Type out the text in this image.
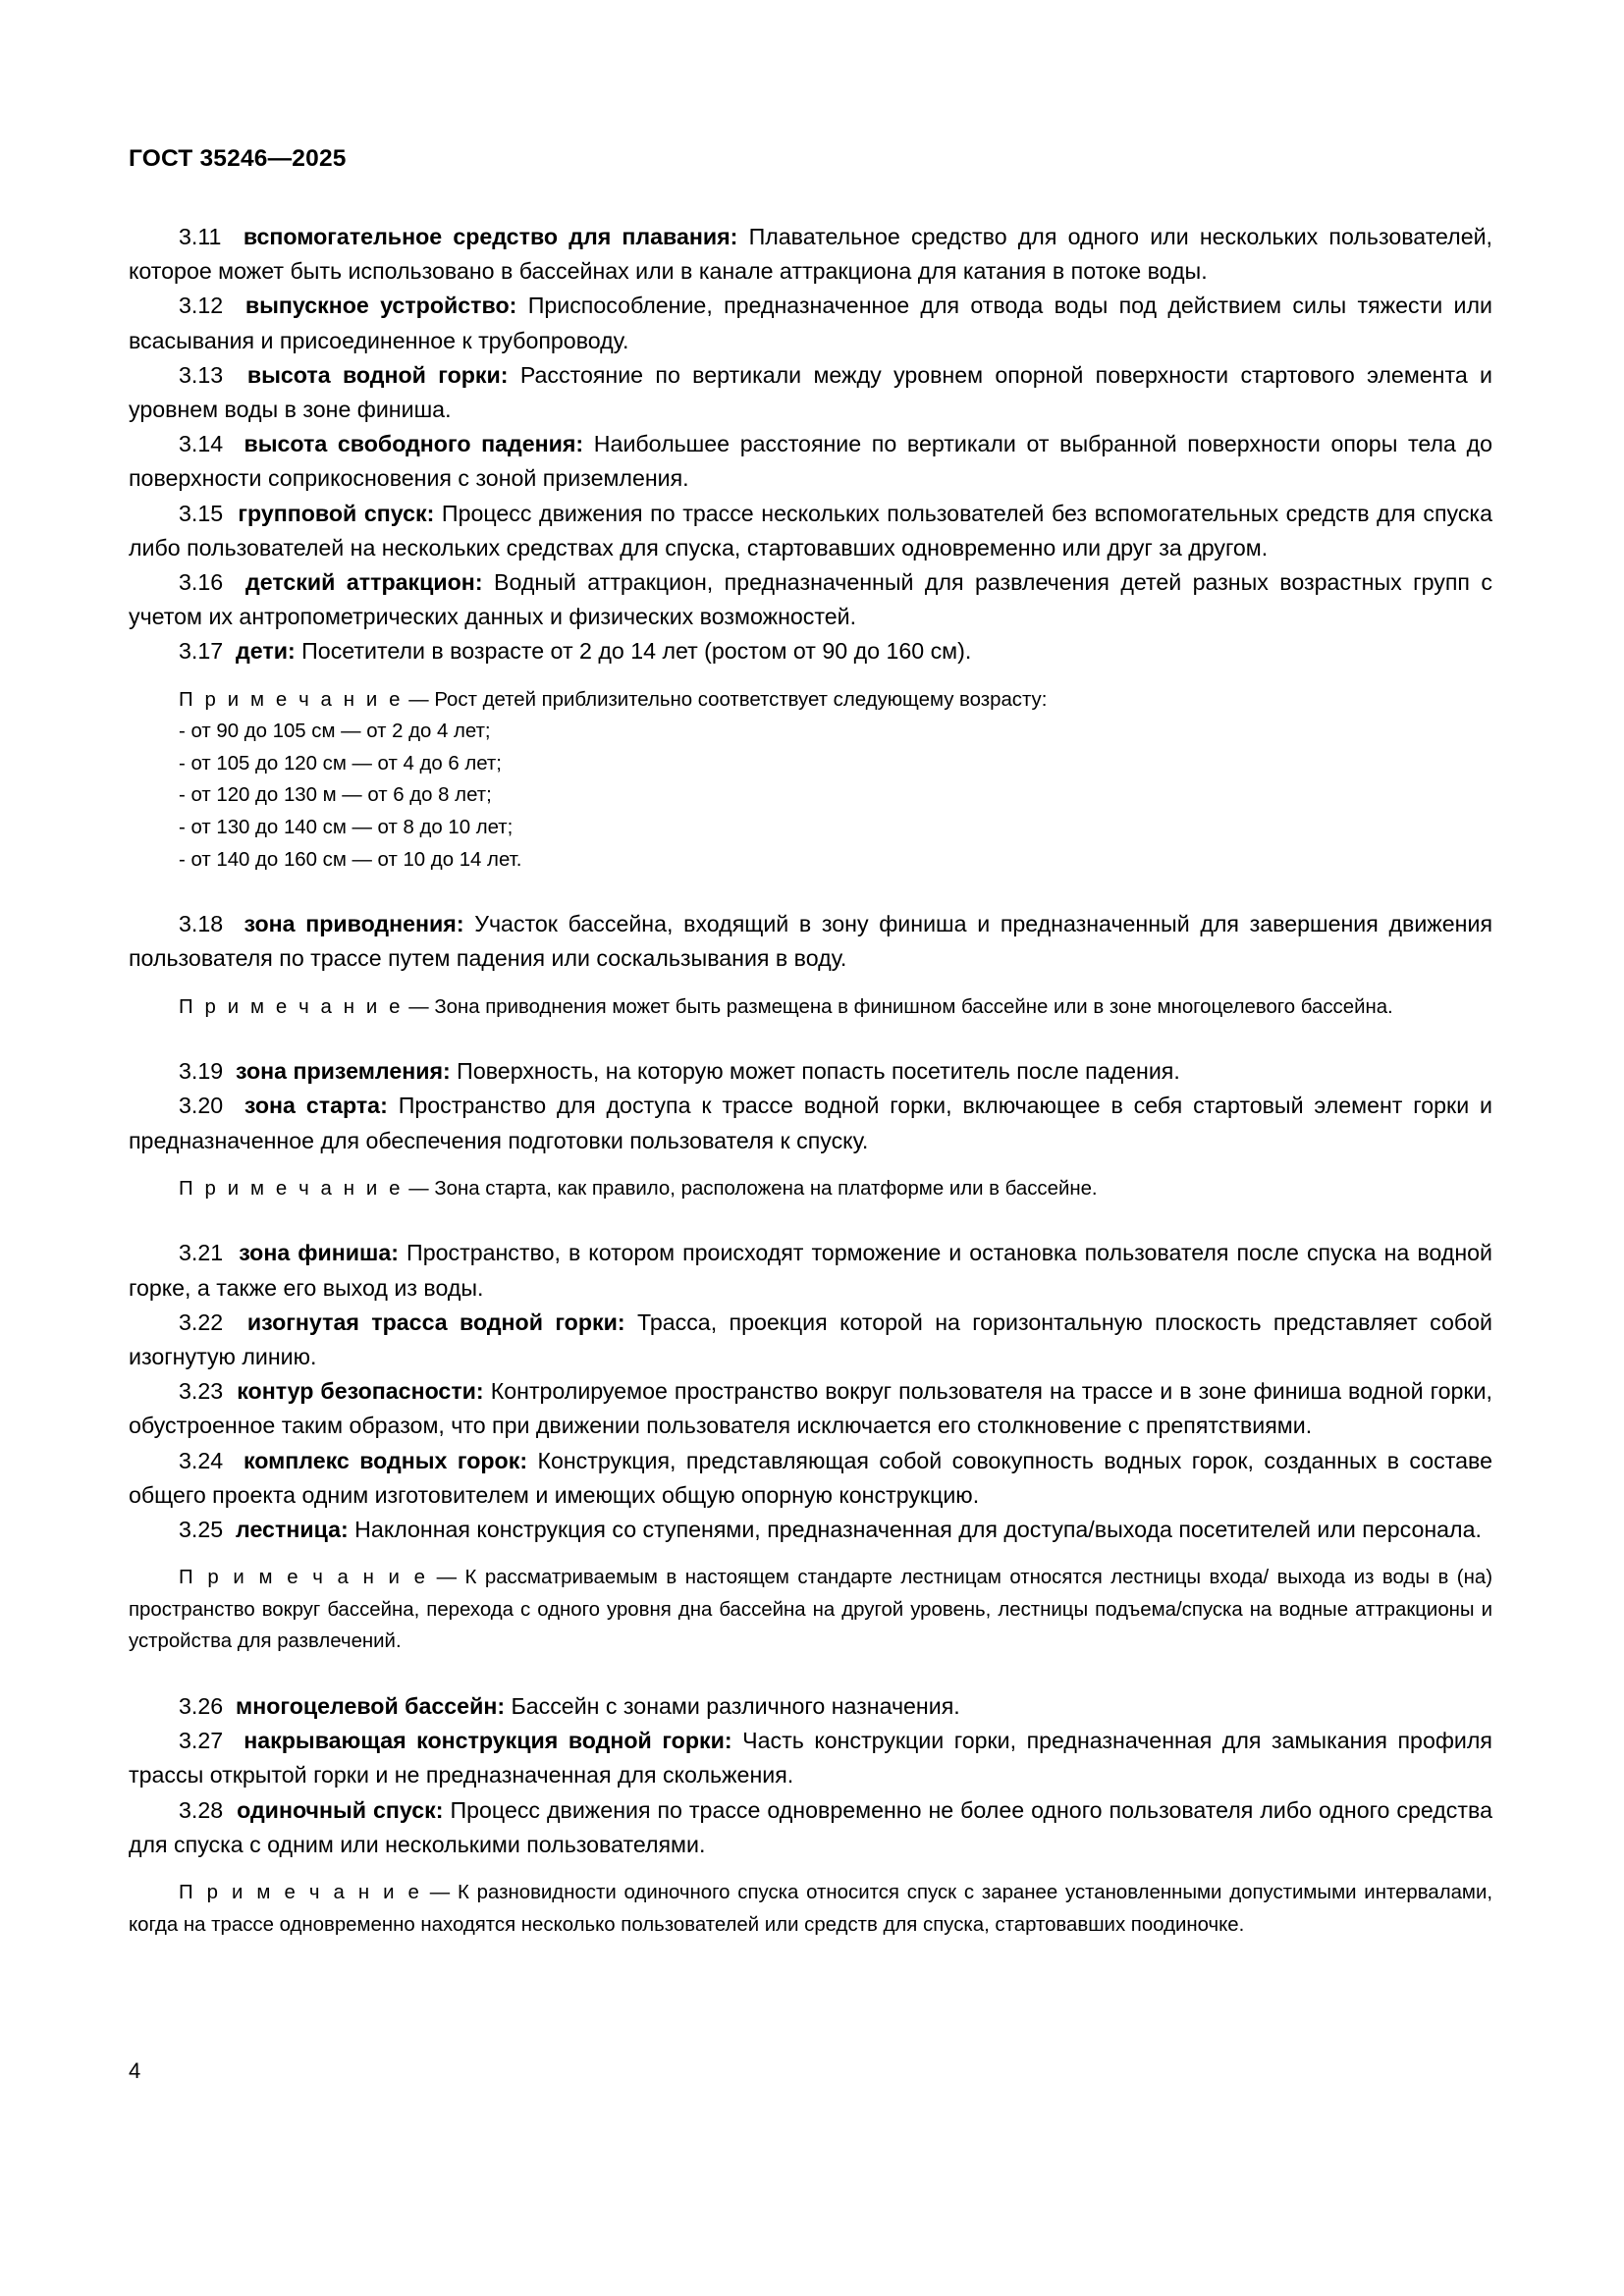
ГОСТ 35246—2025

3.11 вспомогательное средство для плавания: Плавательное средство для одного или нескольких пользователей, которое может быть использовано в бассейнах или в канале аттракциона для катания в потоке воды.

3.12 выпускное устройство: Приспособление, предназначенное для отвода воды под действием силы тяжести или всасывания и присоединенное к трубопроводу.

3.13 высота водной горки: Расстояние по вертикали между уровнем опорной поверхности стартового элемента и уровнем воды в зоне финиша.

3.14 высота свободного падения: Наибольшее расстояние по вертикали от выбранной поверхности опоры тела до поверхности соприкосновения с зоной приземления.

3.15 групповой спуск: Процесс движения по трассе нескольких пользователей без вспомогательных средств для спуска либо пользователей на нескольких средствах для спуска, стартовавших одновременно или друг за другом.

3.16 детский аттракцион: Водный аттракцион, предназначенный для развлечения детей разных возрастных групп с учетом их антропометрических данных и физических возможностей.

3.17 дети: Посетители в возрасте от 2 до 14 лет (ростом от 90 до 160 см).

П р и м е ч а н и е — Рост детей приблизительно соответствует следующему возрасту:

- от 90 до 105 см — от 2 до 4 лет;
- от 105 до 120 см — от 4 до 6 лет;
- от 120 до 130 м — от 6 до 8 лет;
- от 130 до 140 см — от 8 до 10 лет;
- от 140 до 160 см — от 10 до 14 лет.

3.18 зона приводнения: Участок бассейна, входящий в зону финиша и предназначенный для завершения движения пользователя по трассе путем падения или соскальзывания в воду.

П р и м е ч а н и е — Зона приводнения может быть размещена в финишном бассейне или в зоне многоцелевого бассейна.

3.19 зона приземления: Поверхность, на которую может попасть посетитель после падения.

3.20 зона старта: Пространство для доступа к трассе водной горки, включающее в себя стартовый элемент горки и предназначенное для обеспечения подготовки пользователя к спуску.

П р и м е ч а н и е — Зона старта, как правило, расположена на платформе или в бассейне.

3.21 зона финиша: Пространство, в котором происходят торможение и остановка пользователя после спуска на водной горке, а также его выход из воды.

3.22 изогнутая трасса водной горки: Трасса, проекция которой на горизонтальную плоскость представляет собой изогнутую линию.

3.23 контур безопасности: Контролируемое пространство вокруг пользователя на трассе и в зоне финиша водной горки, обустроенное таким образом, что при движении пользователя исключается его столкновение с препятствиями.

3.24 комплекс водных горок: Конструкция, представляющая собой совокупность водных горок, созданных в составе общего проекта одним изготовителем и имеющих общую опорную конструкцию.

3.25 лестница: Наклонная конструкция со ступенями, предназначенная для доступа/выхода посетителей или персонала.

П р и м е ч а н и е — К рассматриваемым в настоящем стандарте лестницам относятся лестницы входа/ выхода из воды в (на) пространство вокруг бассейна, перехода с одного уровня дна бассейна на другой уровень, лестницы подъема/спуска на водные аттракционы и устройства для развлечений.

3.26 многоцелевой бассейн: Бассейн с зонами различного назначения.

3.27 накрывающая конструкция водной горки: Часть конструкции горки, предназначенная для замыкания профиля трассы открытой горки и не предназначенная для скольжения.

3.28 одиночный спуск: Процесс движения по трассе одновременно не более одного пользователя либо одного средства для спуска с одним или несколькими пользователями.

П р и м е ч а н и е — К разновидности одиночного спуска относится спуск с заранее установленными допустимыми интервалами, когда на трассе одновременно находятся несколько пользователей или средств для спуска, стартовавших поодиночке.

4
